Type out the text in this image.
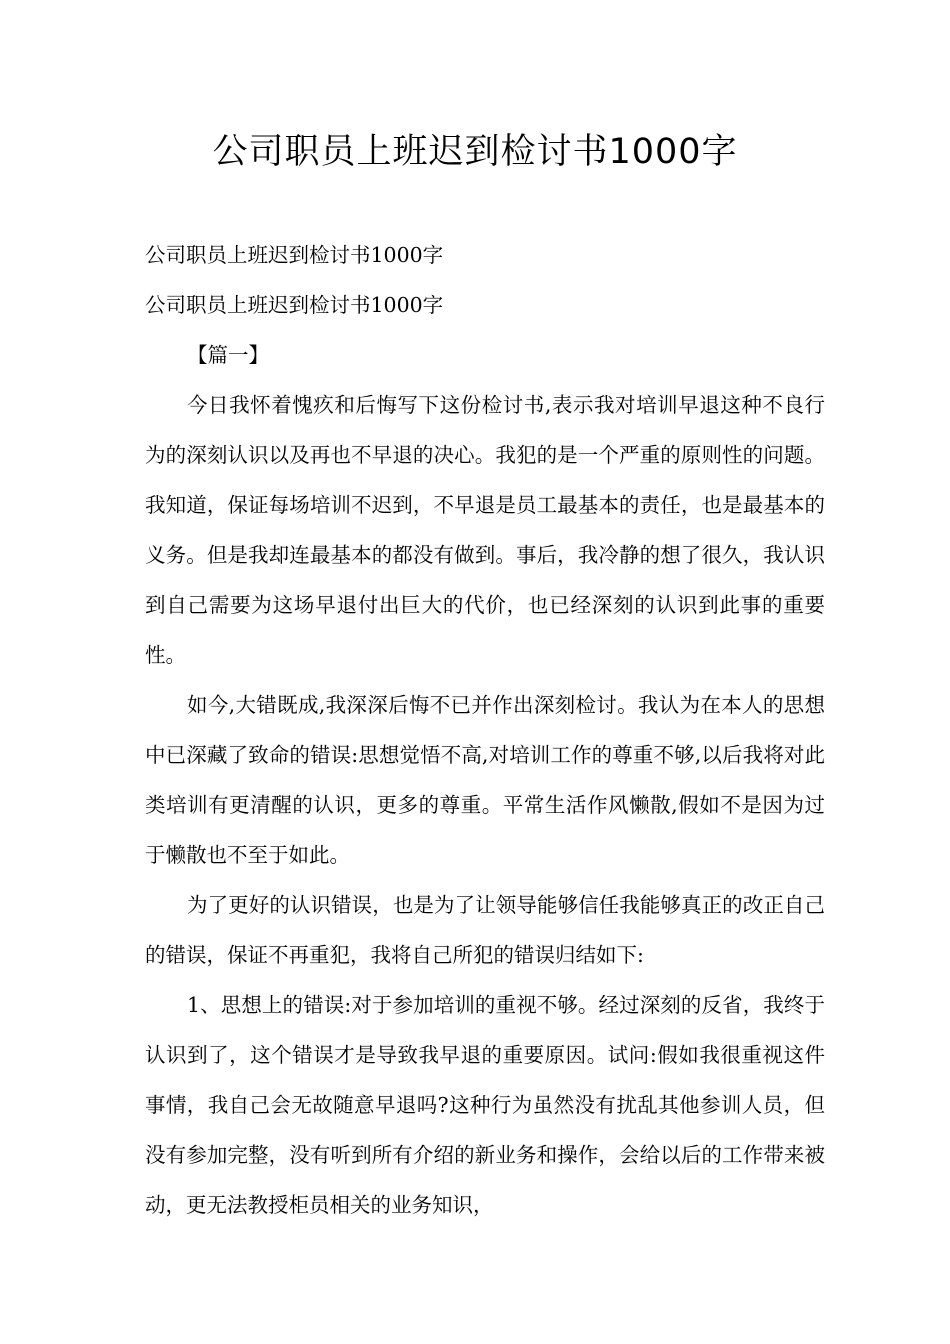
公司职员上班迟到检讨书1000字

公司职员上班迟到检讨书1000字

公司职员上班迟到检讨书1000字

【篇一】

今日我怀着愧疚和后悔写下这份检讨书,表示我对培训早退这种不良行为的深刻认识以及再也不早退的决心。我犯的是一个严重的原则性的问题。我知道，保证每场培训不迟到，不早退是员工最基本的责任，也是最基本的义务。但是我却连最基本的都没有做到。事后，我冷静的想了很久，我认识到自己需要为这场早退付出巨大的代价，也已经深刻的认识到此事的重要性。

如今,大错既成,我深深后悔不已并作出深刻检讨。我认为在本人的思想中已深藏了致命的错误:思想觉悟不高,对培训工作的尊重不够,以后我将对此类培训有更清醒的认识，更多的尊重。平常生活作风懒散,假如不是因为过于懒散也不至于如此。

为了更好的认识错误，也是为了让领导能够信任我能够真正的改正自己的错误，保证不再重犯，我将自己所犯的错误归结如下:

1、思想上的错误:对于参加培训的重视不够。经过深刻的反省，我终于认识到了，这个错误才是导致我早退的重要原因。试问:假如我很重视这件事情，我自己会无故随意早退吗?这种行为虽然没有扰乱其他参训人员，但没有参加完整，没有听到所有介绍的新业务和操作，会给以后的工作带来被动，更无法教授柜员相关的业务知识，
